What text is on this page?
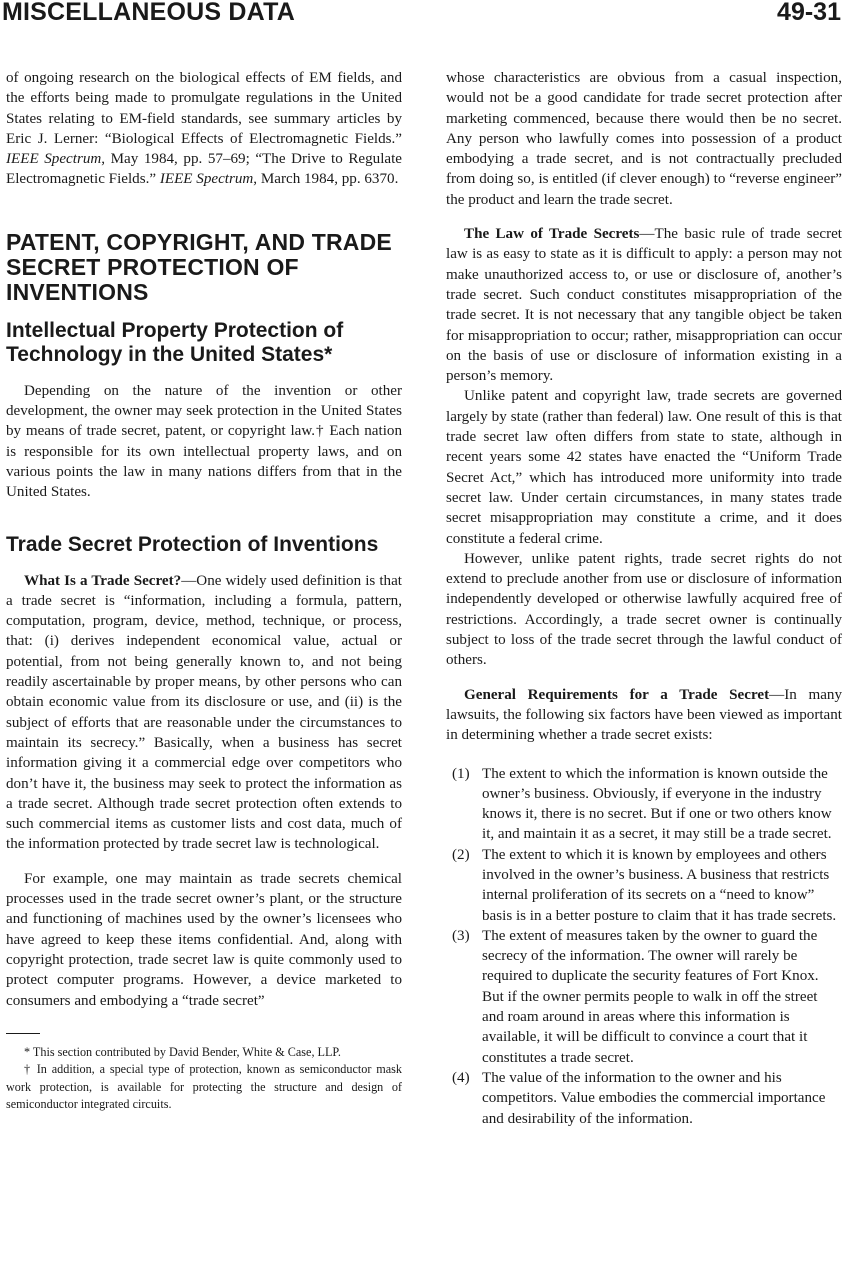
MISCELLANEOUS DATA	49-31

of ongoing research on the biological effects of EM fields, and the efforts being made to promulgate regulations in the United States relating to EM-field standards, see summary articles by Eric J. Lerner: “Biological Effects of Electromagnetic Fields.” IEEE Spectrum, May 1984, pp. 57–69; “The Drive to Regulate Electromagnetic Fields.” IEEE Spectrum, March 1984, pp. 6370.

PATENT, COPYRIGHT, AND TRADE SECRET PROTECTION OF INVENTIONS
Intellectual Property Protection of Technology in the United States*

Depending on the nature of the invention or other development, the owner may seek protection in the United States by means of trade secret, patent, or copyright law.† Each nation is responsible for its own intellectual property laws, and on various points the law in many nations differs from that in the United States.

Trade Secret Protection of Inventions

What Is a Trade Secret?—One widely used definition is that a trade secret is “information, including a formula, pattern, computation, program, device, method, technique, or process, that: (i) derives independent economical value, actual or potential, from not being generally known to, and not being readily ascertainable by proper means, by other persons who can obtain economic value from its disclosure or use, and (ii) is the subject of efforts that are reasonable under the circumstances to maintain its secrecy.” Basically, when a business has secret information giving it a commercial edge over competitors who don’t have it, the business may seek to protect the information as a trade secret. Although trade secret protection often extends to such commercial items as customer lists and cost data, much of the information protected by trade secret law is technological.

For example, one may maintain as trade secrets chemical processes used in the trade secret owner’s plant, or the structure and functioning of machines used by the owner’s licensees who have agreed to keep these items confidential. And, along with copyright protection, trade secret law is quite commonly used to protect computer programs. However, a device marketed to consumers and embodying a “trade secret”

* This section contributed by David Bender, White & Case, LLP.

† In addition, a special type of protection, known as semiconductor mask work protection, is available for protecting the structure and design of semiconductor integrated circuits.

whose characteristics are obvious from a casual inspection, would not be a good candidate for trade secret protection after marketing commenced, because there would then be no secret. Any person who lawfully comes into possession of a product embodying a trade secret, and is not contractually precluded from doing so, is entitled (if clever enough) to “reverse engineer” the product and learn the trade secret.

The Law of Trade Secrets—The basic rule of trade secret law is as easy to state as it is difficult to apply: a person may not make unauthorized access to, or use or disclosure of, another’s trade secret. Such conduct constitutes misappropriation of the trade secret. It is not necessary that any tangible object be taken for misappropriation to occur; rather, misappropriation can occur on the basis of use or disclosure of information existing in a person’s memory.

Unlike patent and copyright law, trade secrets are governed largely by state (rather than federal) law. One result of this is that trade secret law often differs from state to state, although in recent years some 42 states have enacted the “Uniform Trade Secret Act,” which has introduced more uniformity into trade secret law. Under certain circumstances, in many states trade secret misappropriation may constitute a crime, and it does constitute a federal crime.

However, unlike patent rights, trade secret rights do not extend to preclude another from use or disclosure of information independently developed or otherwise lawfully acquired free of restrictions. Accordingly, a trade secret owner is continually subject to loss of the trade secret through the lawful conduct of others.

General Requirements for a Trade Secret—In many lawsuits, the following six factors have been viewed as important in determining whether a trade secret exists:

(1) The extent to which the information is known outside the owner’s business. Obviously, if everyone in the industry knows it, there is no secret. But if one or two others know it, and maintain it as a secret, it may still be a trade secret.
(2) The extent to which it is known by employees and others involved in the owner’s business. A business that restricts internal proliferation of its secrets on a “need to know” basis is in a better posture to claim that it has trade secrets.
(3) The extent of measures taken by the owner to guard the secrecy of the information. The owner will rarely be required to duplicate the security features of Fort Knox. But if the owner permits people to walk in off the street and roam around in areas where this information is available, it will be difficult to convince a court that it constitutes a trade secret.
(4) The value of the information to the owner and his competitors. Value embodies the commercial importance and desirability of the information.
